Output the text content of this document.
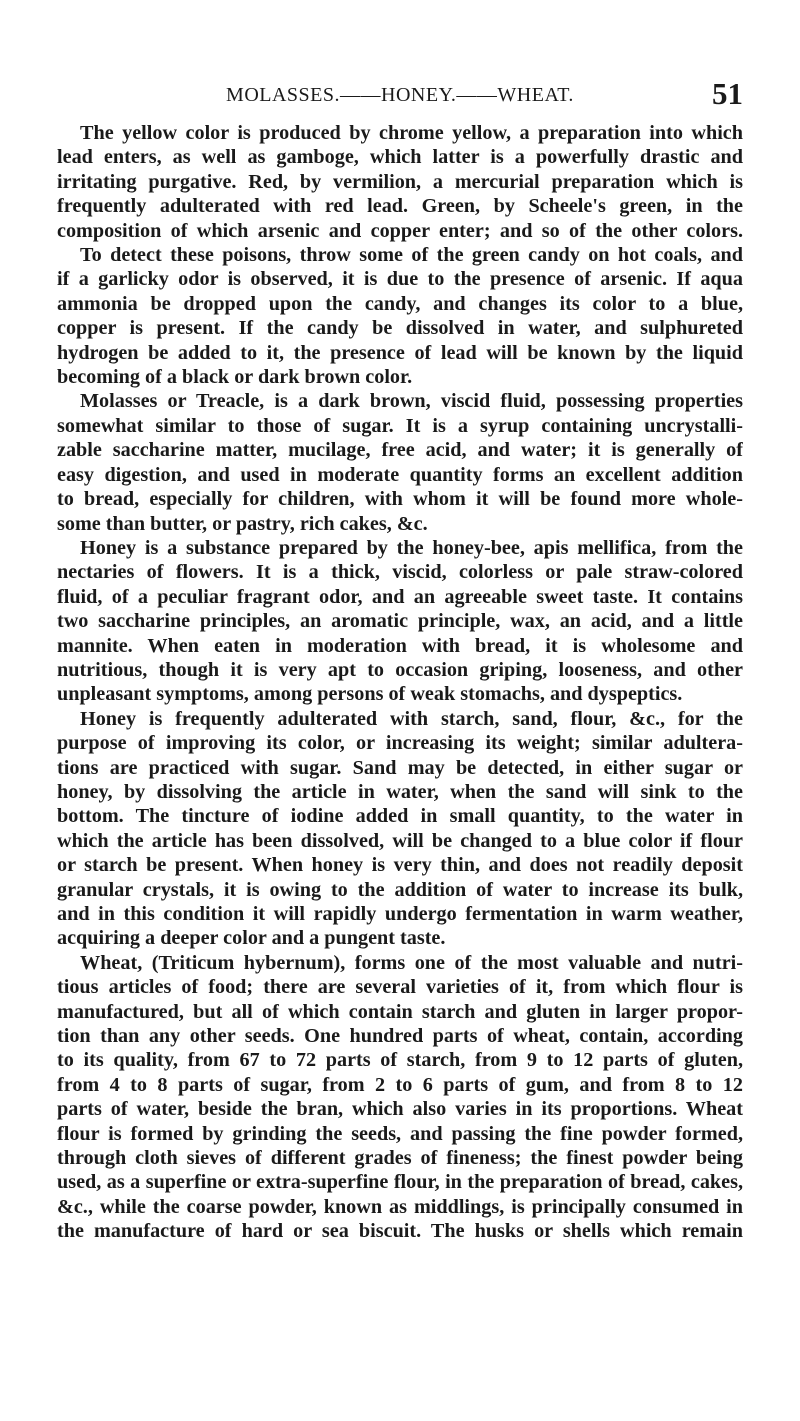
MOLASSES.——HONEY.——WHEAT.	51
The yellow color is produced by chrome yellow, a preparation into which
lead enters, as well as gamboge, which latter is a powerfully drastic and
irritating purgative. Red, by vermilion, a mercurial preparation which is
frequently adulterated with red lead. Green, by Scheele's green, in the
composition of which arsenic and copper enter; and so of the other colors.
To detect these poisons, throw some of the green candy on hot coals, and
if a garlicky odor is observed, it is due to the presence of arsenic. If aqua
ammonia be dropped upon the candy, and changes its color to a blue,
copper is present. If the candy be dissolved in water, and sulphureted
hydrogen be added to it, the presence of lead will be known by the liquid
becoming of a black or dark brown color.
Molasses or Treacle, is a dark brown, viscid fluid, possessing properties
somewhat similar to those of sugar. It is a syrup containing uncrystalli-
zable saccharine matter, mucilage, free acid, and water; it is generally of
easy digestion, and used in moderate quantity forms an excellent addition
to bread, especially for children, with whom it will be found more whole-
some than butter, or pastry, rich cakes, &c.
Honey is a substance prepared by the honey-bee, apis mellifica, from the
nectaries of flowers. It is a thick, viscid, colorless or pale straw-colored
fluid, of a peculiar fragrant odor, and an agreeable sweet taste. It contains
two saccharine principles, an aromatic principle, wax, an acid, and a little
mannite. When eaten in moderation with bread, it is wholesome and
nutritious, though it is very apt to occasion griping, looseness, and other
unpleasant symptoms, among persons of weak stomachs, and dyspeptics.
Honey is frequently adulterated with starch, sand, flour, &c., for the
purpose of improving its color, or increasing its weight; similar adultera-
tions are practiced with sugar. Sand may be detected, in either sugar or
honey, by dissolving the article in water, when the sand will sink to the
bottom. The tincture of iodine added in small quantity, to the water in
which the article has been dissolved, will be changed to a blue color if flour
or starch be present. When honey is very thin, and does not readily deposit
granular crystals, it is owing to the addition of water to increase its bulk,
and in this condition it will rapidly undergo fermentation in warm weather,
acquiring a deeper color and a pungent taste.
Wheat, (Triticum hybernum), forms one of the most valuable and nutri-
tious articles of food; there are several varieties of it, from which flour is
manufactured, but all of which contain starch and gluten in larger propor-
tion than any other seeds. One hundred parts of wheat, contain, according
to its quality, from 67 to 72 parts of starch, from 9 to 12 parts of gluten,
from 4 to 8 parts of sugar, from 2 to 6 parts of gum, and from 8 to 12
parts of water, beside the bran, which also varies in its proportions. Wheat
flour is formed by grinding the seeds, and passing the fine powder formed,
through cloth sieves of different grades of fineness; the finest powder being
used, as a superfine or extra-superfine flour, in the preparation of bread, cakes,
&c., while the coarse powder, known as middlings, is principally consumed in
the manufacture of hard or sea biscuit. The husks or shells which remain
